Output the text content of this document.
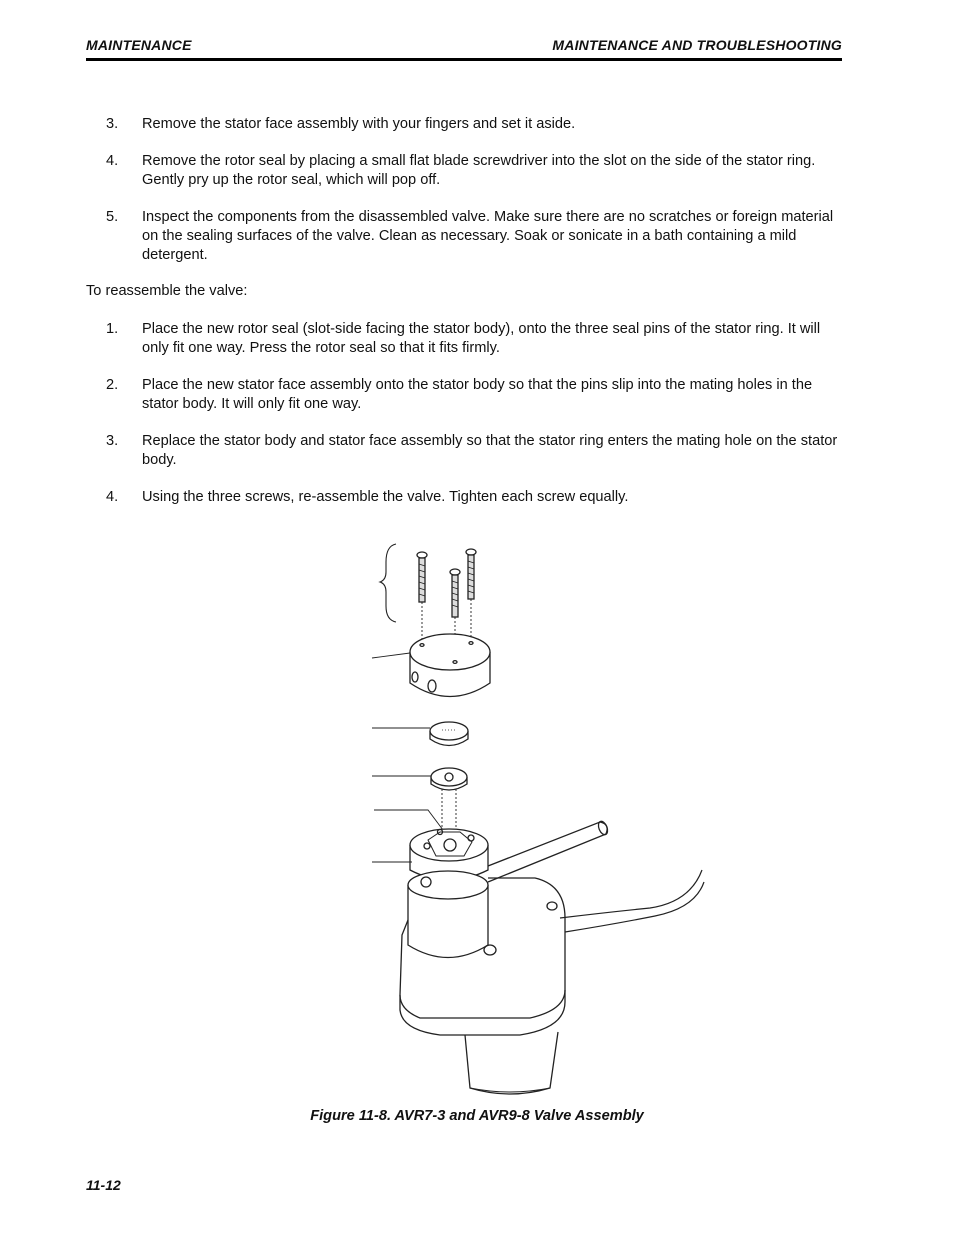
MAINTENANCE	MAINTENANCE AND TROUBLESHOOTING
3. Remove the stator face assembly with your fingers and set it aside.
4. Remove the rotor seal by placing a small flat blade screwdriver into the slot on the side of the stator ring. Gently pry up the rotor seal, which will pop off.
5. Inspect the components from the disassembled valve. Make sure there are no scratches or foreign material on the sealing surfaces of the valve. Clean as necessary. Soak or sonicate in a bath containing a mild detergent.
To reassemble the valve:
1. Place the new rotor seal (slot-side facing the stator body), onto the three seal pins of the stator ring. It will only fit one way. Press the rotor seal so that it fits firmly.
2. Place the new stator face assembly onto the stator body so that the pins slip into the mating holes in the stator body. It will only fit one way.
3. Replace the stator body and stator face assembly so that the stator ring enters the mating hole on the stator body.
4. Using the three screws, re-assemble the valve. Tighten each screw equally.
Figure 11-8. AVR7-3 and AVR9-8 Valve Assembly
11-12
